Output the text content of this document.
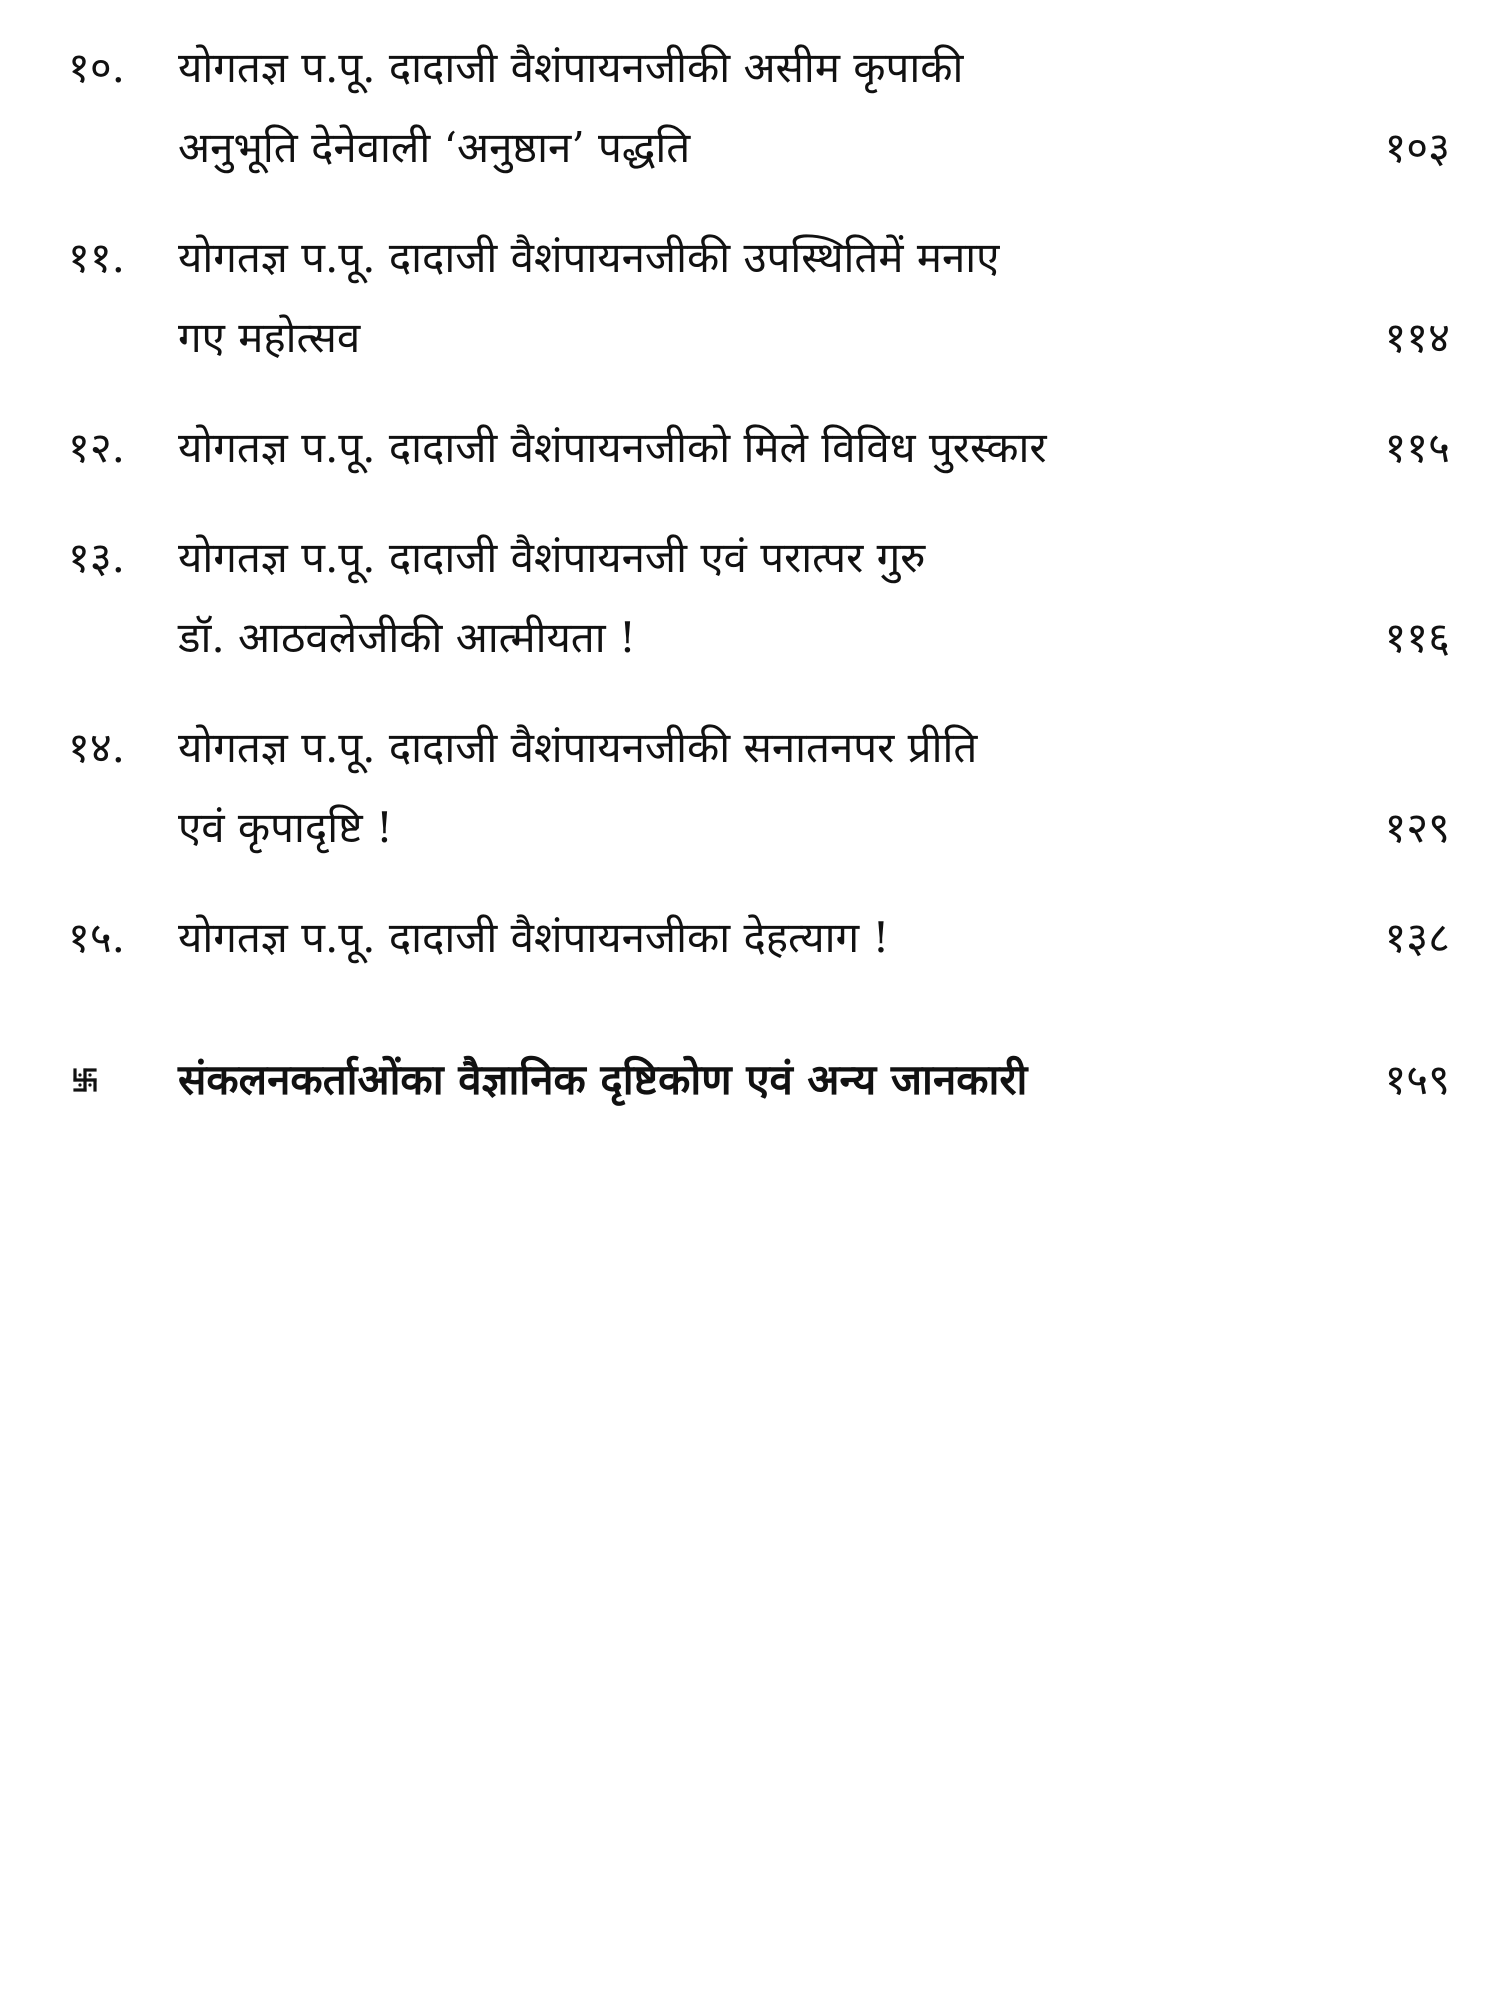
१०. योगतज्ञ प.पू. दादाजी वैशंपायनजीकी असीम कृपाकी
अनुभूति देनेवाली ‘अनुष्ठान’ पद्धति	१०३
११. योगतज्ञ प.पू. दादाजी वैशंपायनजीकी उपस्थितिमें मनाए
गए महोत्सव	११४
१२. योगतज्ञ प.पू. दादाजी वैशंपायनजीको मिले विविध पुरस्कार	११५
१३. योगतज्ञ प.पू. दादाजी वैशंपायनजी एवं परात्पर गुरु
डॉ. आठवलेजीकी आत्मीयता !	११६
१४. योगतज्ञ प.पू. दादाजी वैशंपायनजीकी सनातनपर प्रीति
एवं कृपादृष्टि !	१२९
१५. योगतज्ञ प.पू. दादाजी वैशंपायनजीका देहत्याग !	१३८
संकलनकर्ताओंका वैज्ञानिक दृष्टिकोण एवं अन्य जानकारी	१५९
